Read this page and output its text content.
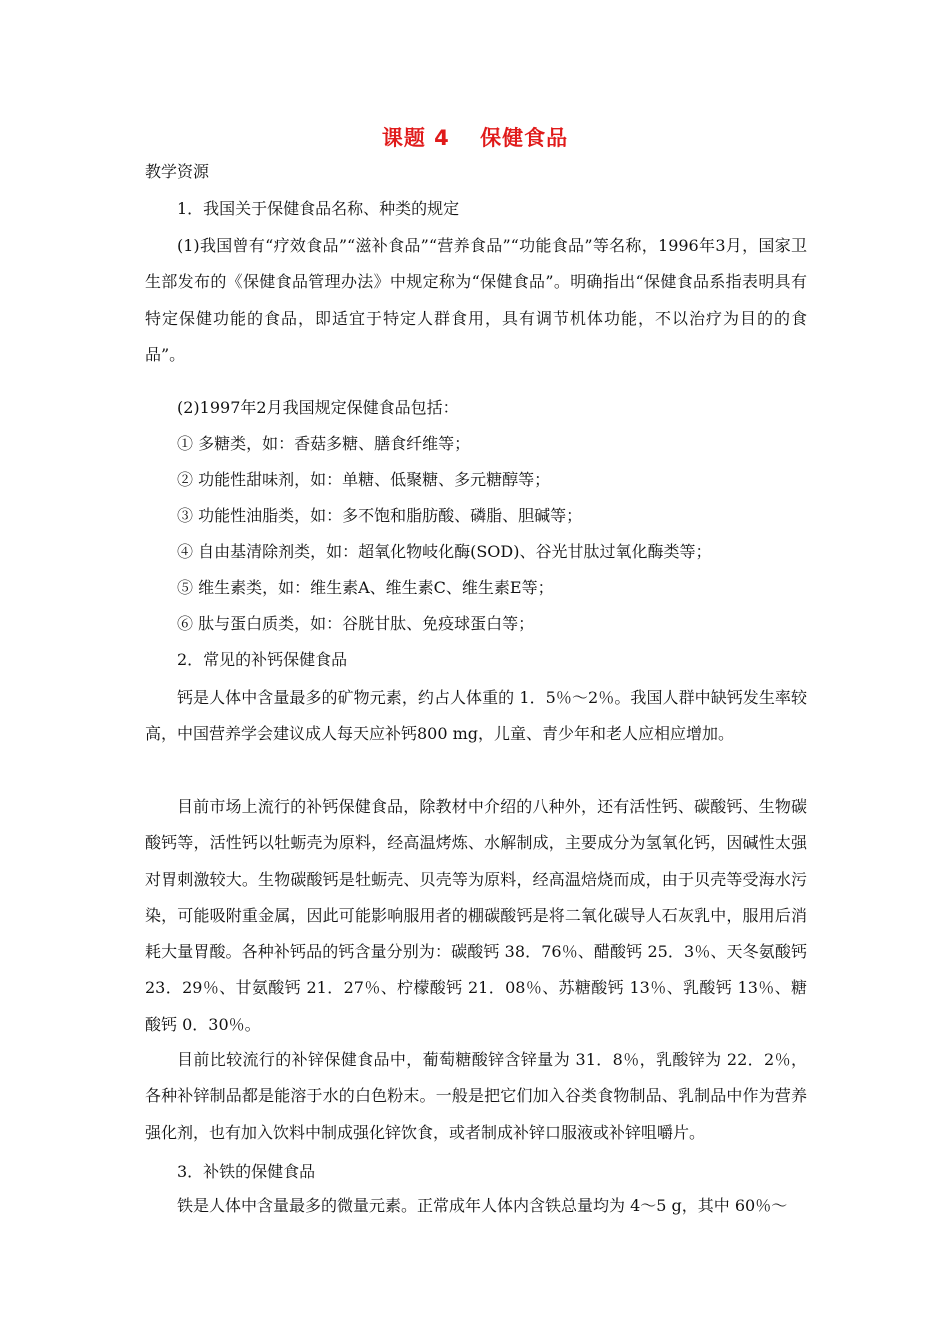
课题 4　 保健食品
教学资源
1．我国关于保健食品名称、种类的规定

(1)我国曾有“疗效食品”“滋补食品”“营养食品”“功能食品”等名称，1996年3月，国家卫生部发布的《保健食品管理办法》中规定称为“保健食品”。明确指出“保健食品系指表明具有特定保健功能的食品，即适宜于特定人群食用，具有调节机体功能，不以治疗为目的的食品”。

(2)1997年2月我国规定保健食品包括：
① 多糖类，如：香菇多糖、膳食纤维等；
② 功能性甜味剂，如：单糖、低聚糖、多元糖醇等；
③ 功能性油脂类，如：多不饱和脂肪酸、磷脂、胆碱等；
④ 自由基清除剂类，如：超氧化物岐化酶(SOD)、谷光甘肽过氧化酶类等；
⑤ 维生素类，如：维生素A、维生素C、维生素E等；
⑥ 肽与蛋白质类，如：谷胱甘肽、免疫球蛋白等；
2．常见的补钙保健食品

钙是人体中含量最多的矿物元素，约占人体重的 1．5％～2％。我国人群中缺钙发生率较高，中国营养学会建议成人每天应补钙800 mg，儿童、青少年和老人应相应增加。

目前市场上流行的补钙保健食品，除教材中介绍的八种外，还有活性钙、碳酸钙、生物碳酸钙等，活性钙以牡蛎壳为原料，经高温烤炼、水解制成，主要成分为氢氧化钙，因碱性太强对胃刺激较大。生物碳酸钙是牡蛎壳、贝壳等为原料，经高温焙烧而成，由于贝壳等受海水污染，可能吸附重金属，因此可能影响服用者的棚碳酸钙是将二氧化碳导人石灰乳中，服用后消耗大量胃酸。各种补钙品的钙含量分别为：碳酸钙 38．76％、醋酸钙 25．3％、天冬氨酸钙 23．29％、甘氨酸钙 21．27％、柠檬酸钙 21．08％、苏糖酸钙 13％、乳酸钙 13％、糖酸钙 0．30％。

目前比较流行的补锌保健食品中，葡萄糖酸锌含锌量为 31．8％，乳酸锌为 22．2％，各种补锌制品都是能溶于水的白色粉末。一般是把它们加入谷类食物制品、乳制品中作为营养强化剂，也有加入饮料中制成强化锌饮食，或者制成补锌口服液或补锌咀嚼片。

3．补铁的保健食品

铁是人体中含量最多的微量元素。正常成年人体内含铁总量均为 4～5 g，其中 60％～
